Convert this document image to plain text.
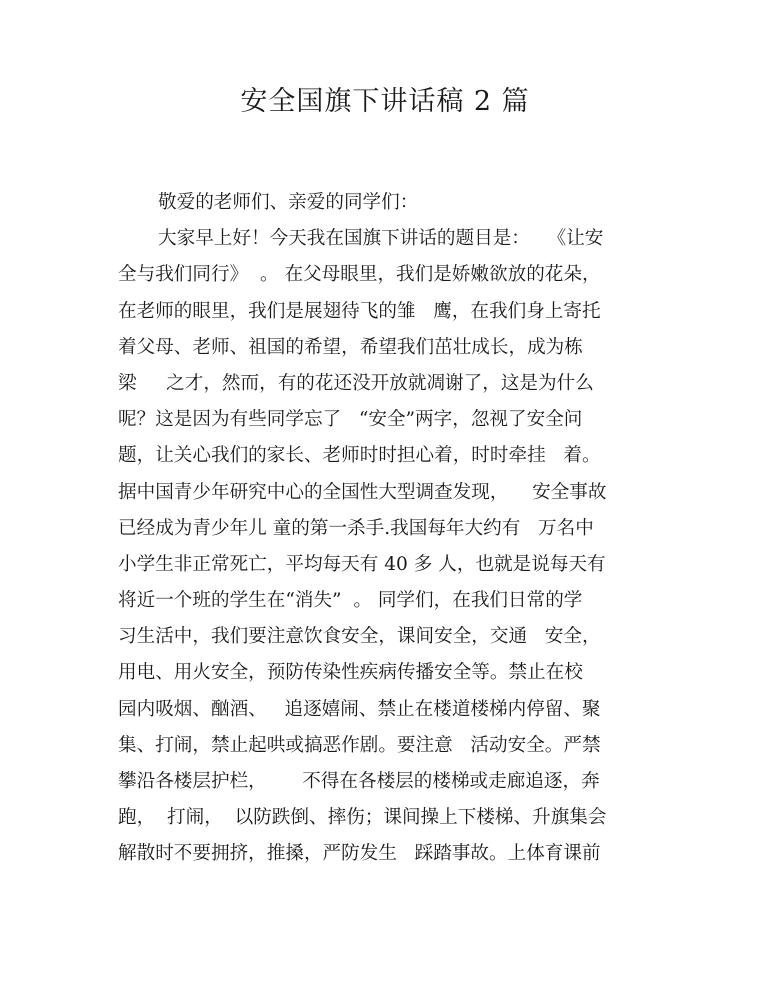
安全国旗下讲话稿 2 篇

敬爱的老师们、亲爱的同学们：

大家早上好！今天我在国旗下讲话的题目是：   《让安

全与我们同行》  。 在父母眼里，我们是娇嫩欲放的花朵，

在老师的眼里，我们是展翅待飞的雏   鹰，在我们身上寄托

着父母、老师、祖国的希望，希望我们茁壮成长，成为栋

梁     之才，然而，有的花还没开放就凋谢了，这是为什么

呢？这是因为有些同学忘了   “安全”两字，忽视了安全问

题，让关心我们的家长、老师时时担心着，时时牵挂   着。

据中国青少年研究中心的全国性大型调查发现，    安全事故

已经成为青少年儿 童的第一杀手.我国每年大约有   万名中

小学生非正常死亡，平均每天有 40 多 人，也就是说每天有

将近一个班的学生在“消失”  。 同学们，在我们日常的学

习生活中，我们要注意饮食安全，课间安全，交通   安全，

用电、用火安全，预防传染性疾病传播安全等。禁止在校

园内吸烟、酗酒、   追逐嬉闹、禁止在楼道楼梯内停留、聚

集、打闹，禁止起哄或搞恶作剧。要注意   活动安全。严禁

攀沿各楼层护栏，      不得在各楼层的楼梯或走廊追逐，奔

跑，  打闹，  以防跌倒、摔伤；课间操上下楼梯、升旗集会

解散时不要拥挤，推搡，严防发生   踩踏事故。上体育课前
